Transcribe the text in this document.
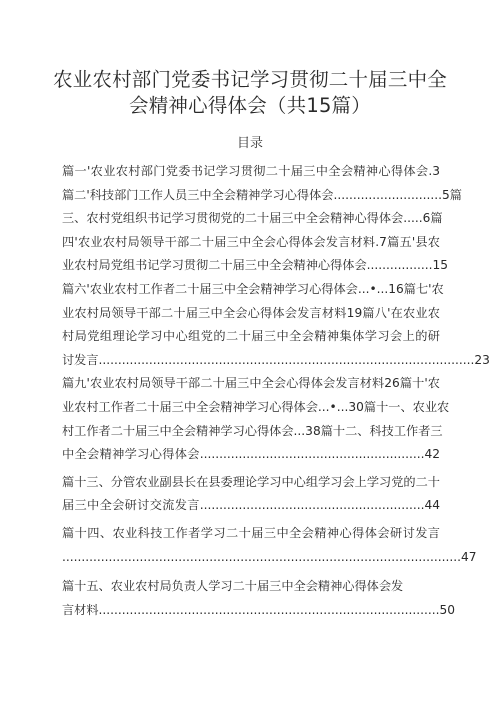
农业农村部门党委书记学习贯彻二十届三中全
会精神心得体会（共15篇）
目录
篇一'农业农村部门党委书记学习贯彻二十届三中全会精神心得体会.3
篇二'科技部门工作人员三中全会精神学习心得体会............................5篇
三、农村党组织书记学习贯彻党的二十届三中全会精神心得体会.....6篇
四'农业农村局领导干部二十届三中全会心得体会发言材料.7篇五'县农
业农村局党组书记学习贯彻二十届三中全会精神心得体会.................15
篇六'农业农村工作者二十届三中全会精神学习心得体会...•...16篇七'农
业农村局领导干部二十届三中全会心得体会发言材料19篇八'在农业农
村局党组理论学习中心组党的二十届三中全会精神集体学习会上的研
讨发言.................................................................................................23
篇九'农业农村局领导干部二十届三中全会心得体会发言材料26篇十'农
业农村工作者二十届三中全会精神学习心得体会...•...30篇十一、农业农
村工作者二十届三中全会精神学习心得体会...38篇十二、科技工作者三
中全会精神学习心得体会..........................................................42
篇十三、分管农业副县长在县委理论学习中心组学习会上学习党的二十
届三中全会研讨交流发言..........................................................44
篇十四、农业科技工作者学习二十届三中全会精神心得体会研讨发言
.......................................................................................................47
篇十五、农业农村局负责人学习二十届三中全会精神心得体会发
言材料........................................................................................50
